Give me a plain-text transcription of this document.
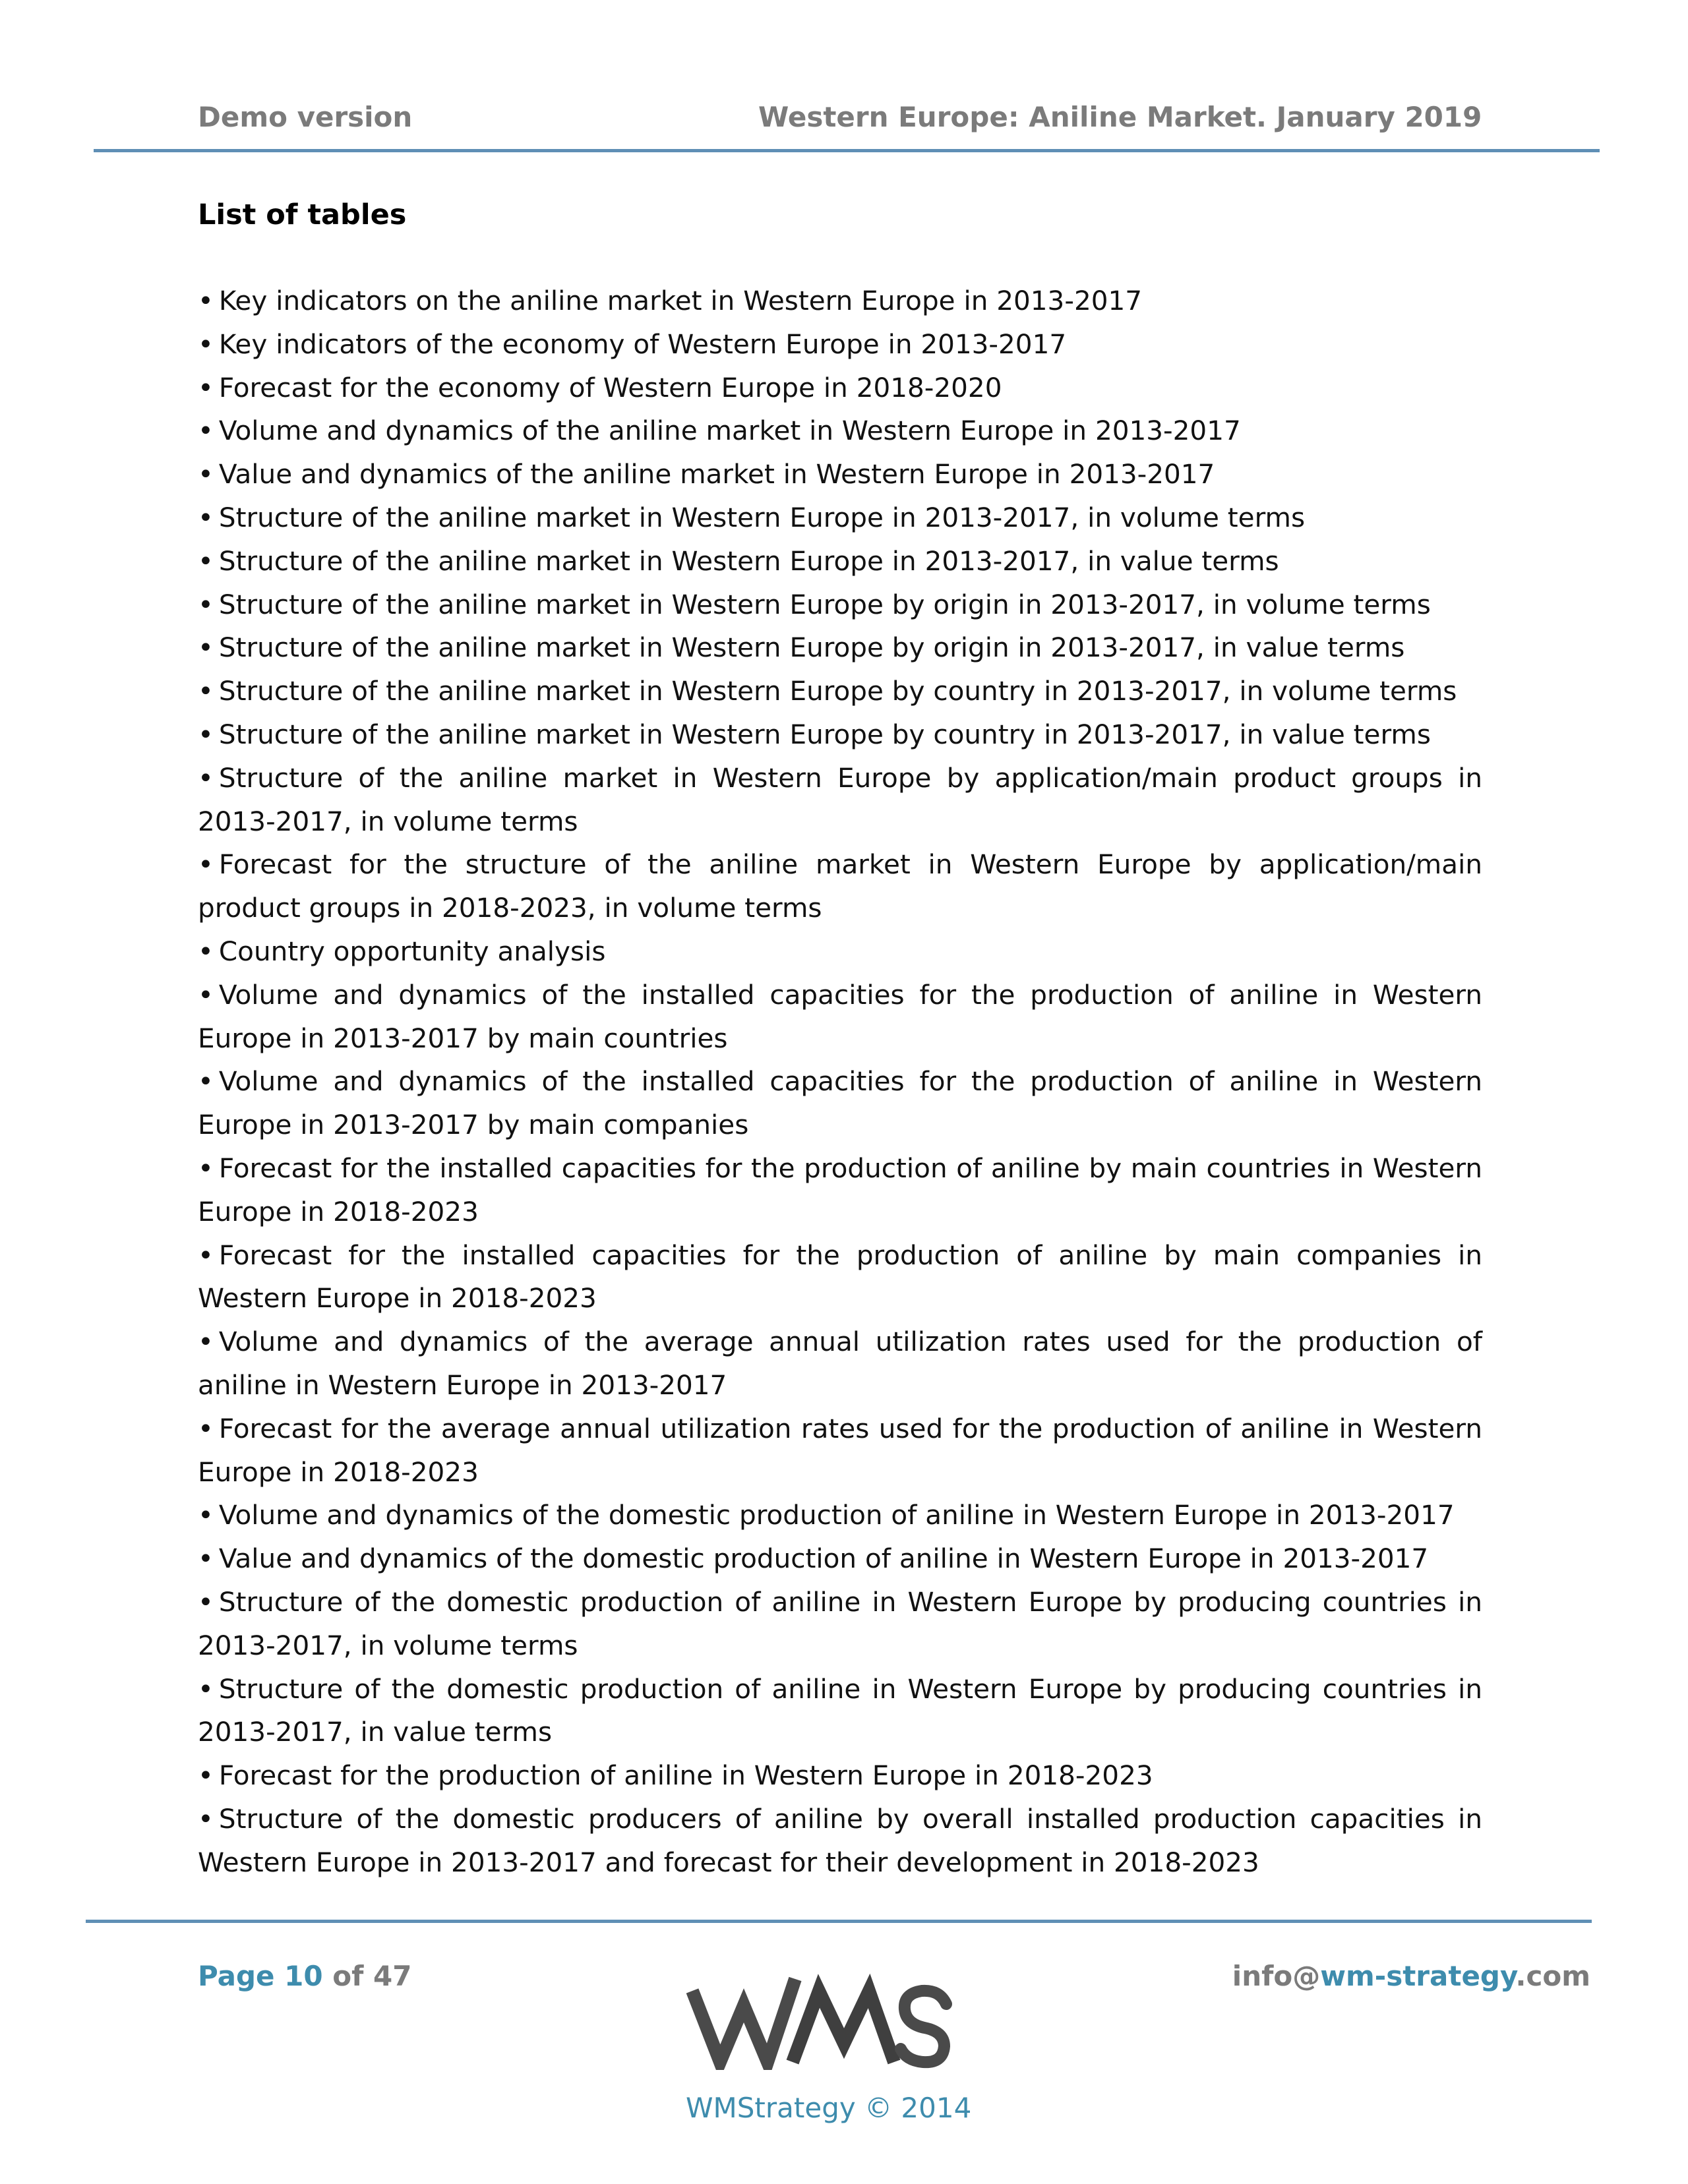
Demo version	Western Europe: Aniline Market. January 2019
List of tables
• Key indicators on the aniline market in Western Europe in 2013-2017
• Key indicators of the economy of Western Europe in 2013-2017
• Forecast for the economy of Western Europe in 2018-2020
• Volume and dynamics of the aniline market in Western Europe in 2013-2017
• Value and dynamics of the aniline market in Western Europe in 2013-2017
• Structure of the aniline market in Western Europe in 2013-2017, in volume terms
• Structure of the aniline market in Western Europe in 2013-2017, in value terms
• Structure of the aniline market in Western Europe by origin in 2013-2017, in volume terms
• Structure of the aniline market in Western Europe by origin in 2013-2017, in value terms
• Structure of the aniline market in Western Europe by country in 2013-2017, in volume terms
• Structure of the aniline market in Western Europe by country in 2013-2017, in value terms
• Structure of the aniline market in Western Europe by application/main product groups in 2013-2017, in volume terms
• Forecast for the structure of the aniline market in Western Europe by application/main product groups in 2018-2023, in volume terms
• Country opportunity analysis
• Volume and dynamics of the installed capacities for the production of aniline in Western Europe in 2013-2017 by main countries
• Volume and dynamics of the installed capacities for the production of aniline in Western Europe in 2013-2017 by main companies
• Forecast for the installed capacities for the production of aniline by main countries in Western Europe in 2018-2023
• Forecast for the installed capacities for the production of aniline by main companies in Western Europe in 2018-2023
• Volume and dynamics of the average annual utilization rates used for the production of aniline in Western Europe in 2013-2017
• Forecast for the average annual utilization rates used for the production of aniline in Western Europe in 2018-2023
• Volume and dynamics of the domestic production of aniline in Western Europe in 2013-2017
• Value and dynamics of the domestic production of aniline in Western Europe in 2013-2017
• Structure of the domestic production of aniline in Western Europe by producing countries in 2013-2017, in volume terms
• Structure of the domestic production of aniline in Western Europe by producing countries in 2013-2017, in value terms
• Forecast for the production of aniline in Western Europe in 2018-2023
• Structure of the domestic producers of aniline by overall installed production capacities in Western Europe in 2013-2017 and forecast for their development in 2018-2023
Page 10 of 47	info@wm-strategy.com
WMStrategy © 2014
